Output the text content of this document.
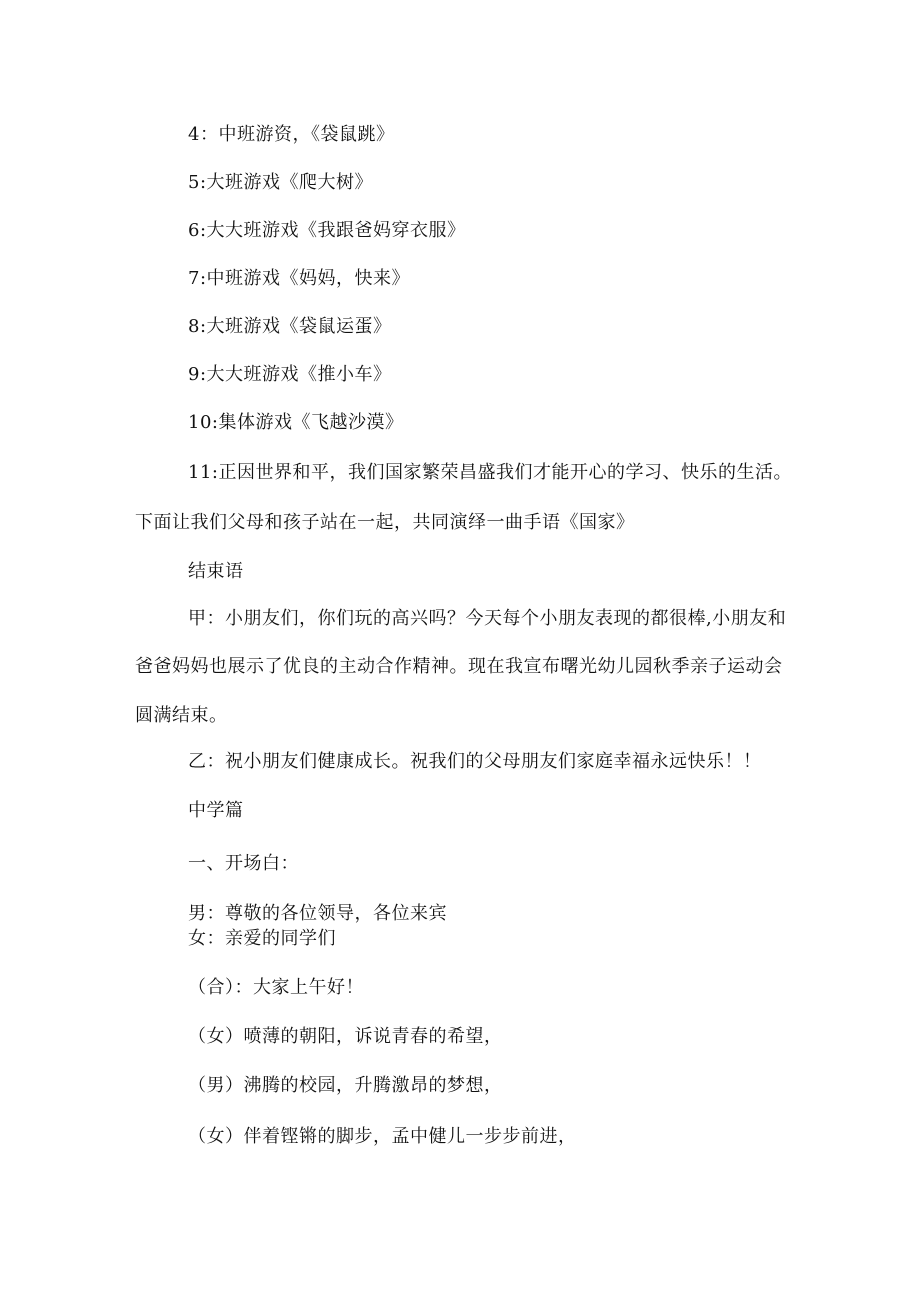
4：中班游资，《袋鼠跳》
5:大班游戏《爬大树》
6:大大班游戏《我跟爸妈穿衣服》
7:中班游戏《妈妈，快来》
8:大班游戏《袋鼠运蛋》
9:大大班游戏《推小车》
10:集体游戏《飞越沙漠》
11:正因世界和平，我们国家繁荣昌盛我们才能开心的学习、快乐的生活。
下面让我们父母和孩子站在一起，共同演绎一曲手语《国家》
结束语
甲：小朋友们，你们玩的高兴吗？今天每个小朋友表现的都很棒,小朋友和
爸爸妈妈也展示了优良的主动合作精神。现在我宣布曙光幼儿园秋季亲子运动会
圆满结束。
乙：祝小朋友们健康成长。祝我们的父母朋友们家庭幸福永远快乐！！
中学篇
一、开场白：
男：尊敬的各位领导，各位来宾
女：亲爱的同学们
（合）：大家上午好！
（女）喷薄的朝阳，诉说青春的希望，
（男）沸腾的校园，升腾激昂的梦想，
（女）伴着铿锵的脚步，孟中健儿一步步前进，
